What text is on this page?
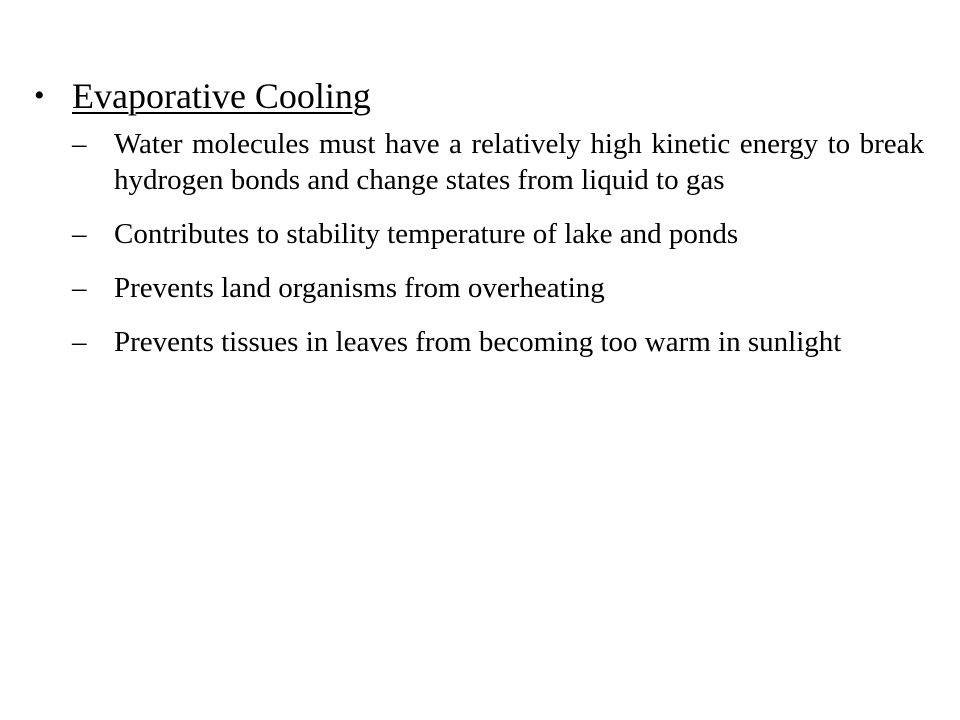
• Evaporative Cooling
– Water molecules must have a relatively high kinetic energy to break hydrogen bonds and change states from liquid to gas
– Contributes to stability temperature of lake and ponds
– Prevents land organisms from overheating
– Prevents tissues in leaves from becoming too warm in sunlight
